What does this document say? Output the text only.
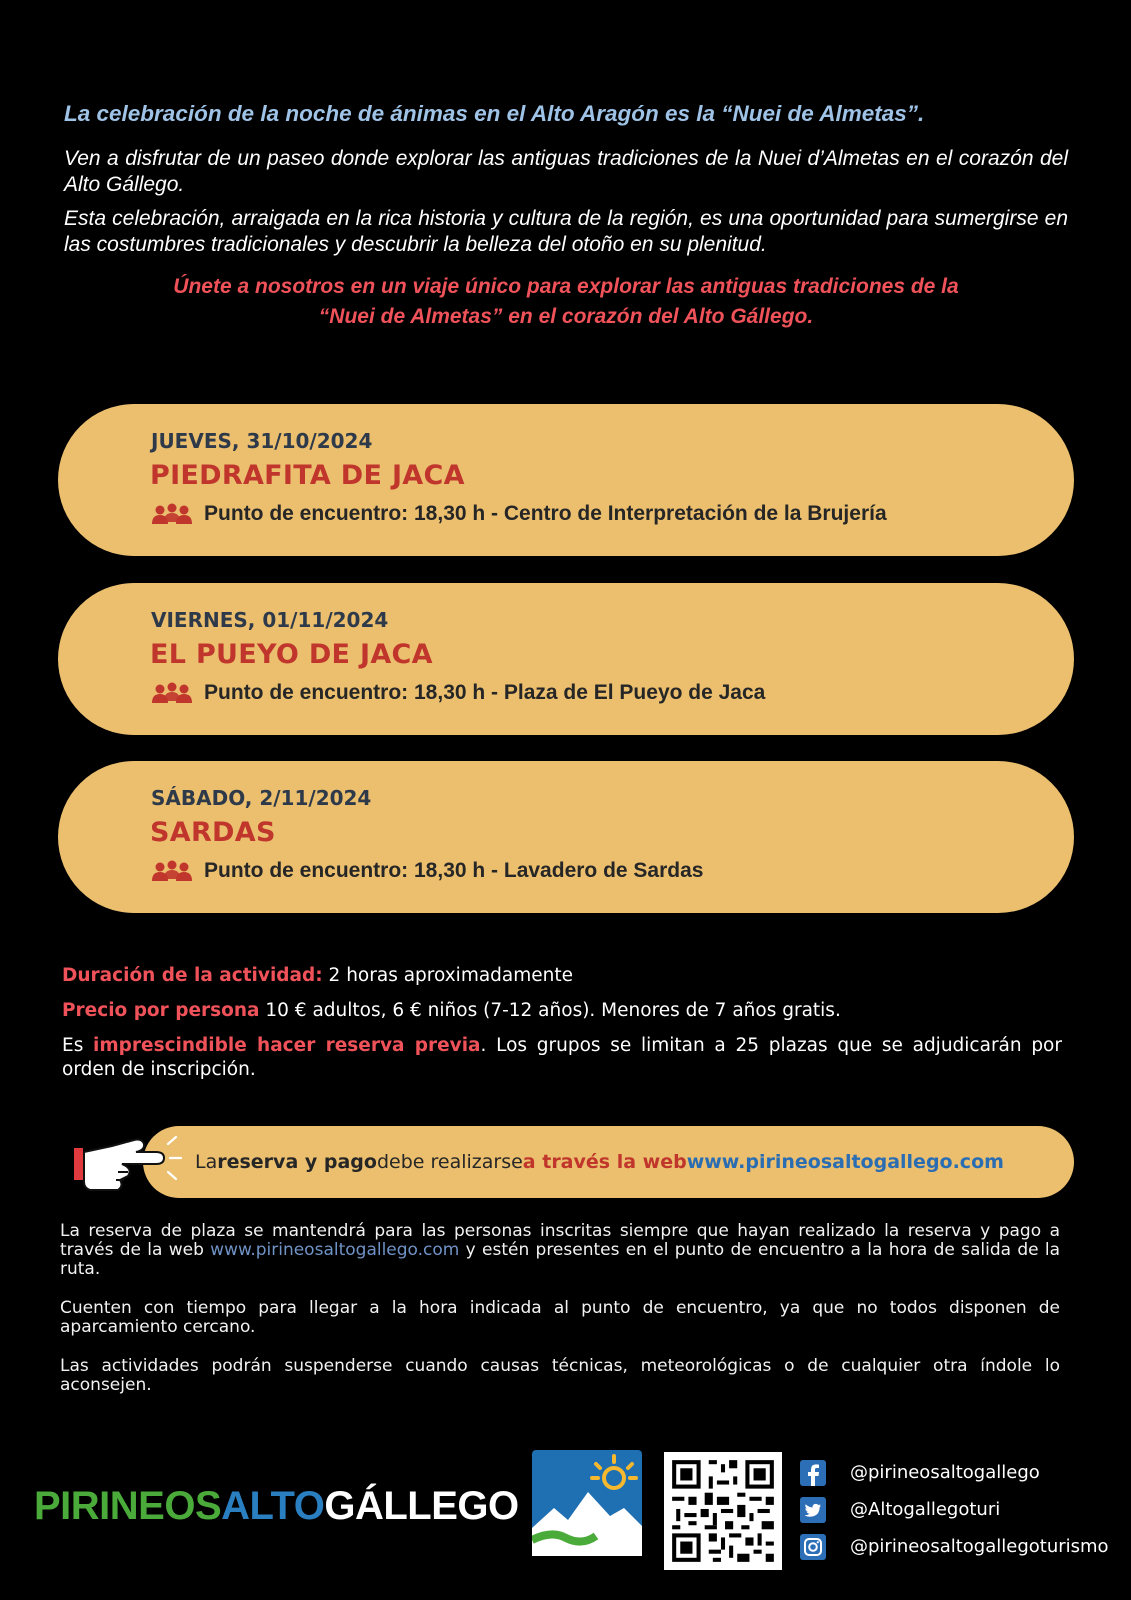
La celebración de la noche de ánimas en el Alto Aragón es la “Nuei de Almetas”.

Ven a disfrutar de un paseo donde explorar las antiguas tradiciones de la Nuei d’Almetas en el corazón del Alto Gállego.

Esta celebración, arraigada en la rica historia y cultura de la región, es una oportunidad para sumergirse en las costumbres tradicionales y descubrir la belleza del otoño en su plenitud.

Únete a nosotros en un viaje único para explorar las antiguas tradiciones de la
“Nuei de Almetas” en el corazón del Alto Gállego.
JUEVES, 31/10/2024
PIEDRAFITA DE JACA
Punto de encuentro: 18,30 h - Centro de Interpretación de la Brujería
VIERNES, 01/11/2024
EL PUEYO DE JACA
Punto de encuentro: 18,30 h - Plaza de El Pueyo de Jaca
SÁBADO, 2/11/2024
SARDAS
Punto de encuentro: 18,30 h - Lavadero de Sardas

Duración de la actividad: 2 horas aproximadamente

Precio por persona 10 € adultos, 6 € niños (7-12 años). Menores de 7 años gratis.

Es imprescindible hacer reserva previa. Los grupos se limitan a 25 plazas que se adjudicarán por orden de inscripción.

La reserva y pago debe realizarse a través la web www.pirineosaltogallego.com

La reserva de plaza se mantendrá para las personas inscritas siempre que hayan realizado la reserva y pago a través de la web www.pirineosaltogallego.com y estén presentes en el punto de encuentro a la hora de salida de la ruta.

Cuenten con tiempo para llegar a la hora indicada al punto de encuentro, ya que no todos disponen de aparcamiento cercano.

Las actividades podrán suspenderse cuando causas técnicas, meteorológicas o de cualquier otra índole lo aconsejen.

PIRINEOSALTOGÁLLEGO
@pirineosaltogallego
@Altogallegoturi
@pirineosaltogallegoturismo
